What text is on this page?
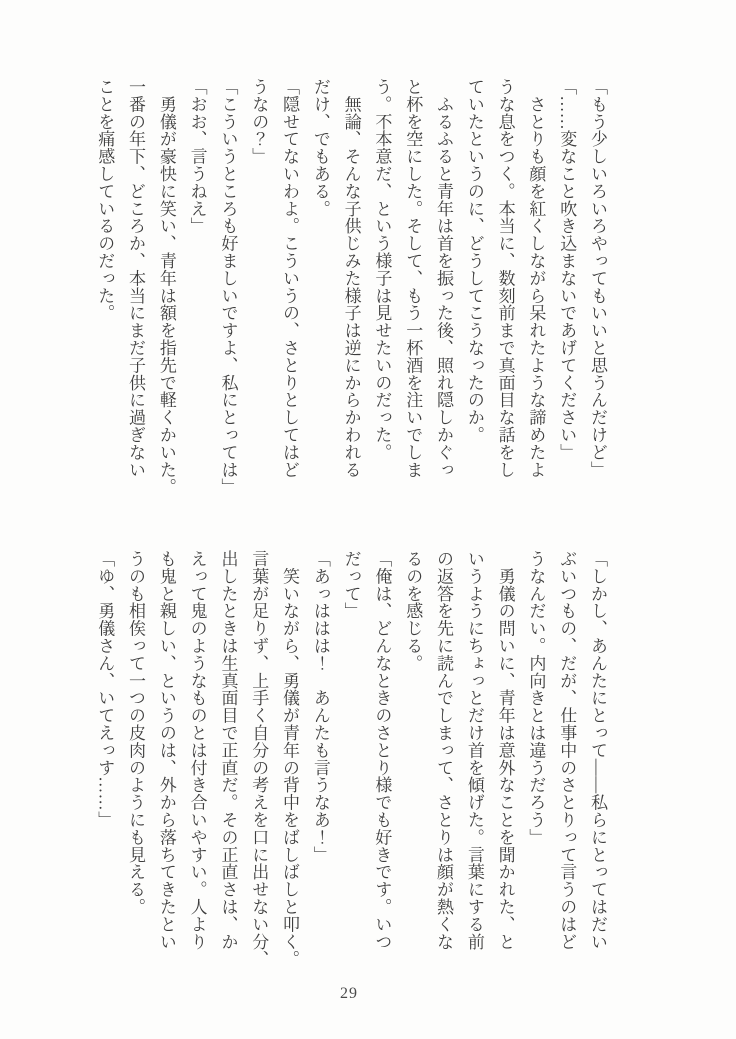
「もう少しいろいろやってもいいと思うんだけど」
「……変なこと吹き込まないであげてください」
　さとりも顔を紅くしながら呆れたような諦めたよ
うな息をつく。本当に、数刻前まで真面目な話をし
ていたというのに、どうしてこうなったのか。
　ふるふると青年は首を振った後、照れ隠しかぐっ
と杯を空にした。そして、もう一杯酒を注いでしま
う。不本意だ、という様子は見せたいのだった。
　無論、そんな子供じみた様子は逆にからかわれる
だけ、でもある。
「隠せてないわよ。こういうの、さとりとしてはど
うなの？」
「こういうところも好ましいですよ、私にとっては」
「おお、言うねえ」
　勇儀が豪快に笑い、青年は額を指先で軽くかいた。
一番の年下、どころか、本当にまだ子供に過ぎない
ことを痛感しているのだった。
「しかし、あんたにとって――私らにとってはだい
ぶいつもの、だが、仕事中のさとりって言うのはど
うなんだい。内向きとは違うだろう」
　勇儀の問いに、青年は意外なことを聞かれた、と
いうようにちょっとだけ首を傾げた。言葉にする前
の返答を先に読んでしまって、さとりは顔が熱くな
るのを感じる。
「俺は、どんなときのさとり様でも好きです。いつ
だって」
「あっははは！　あんたも言うなあ！」
　笑いながら、勇儀が青年の背中をばしばしと叩く。
言葉が足りず、上手く自分の考えを口に出せない分、
出したときは生真面目で正直だ。その正直さは、か
えって鬼のようなものとは付き合いやすい。人より
も鬼と親しい、というのは、外から落ちてきたとい
うのも相俟って一つの皮肉のようにも見える。
「ゆ、勇儀さん、いてえっす……」
29
